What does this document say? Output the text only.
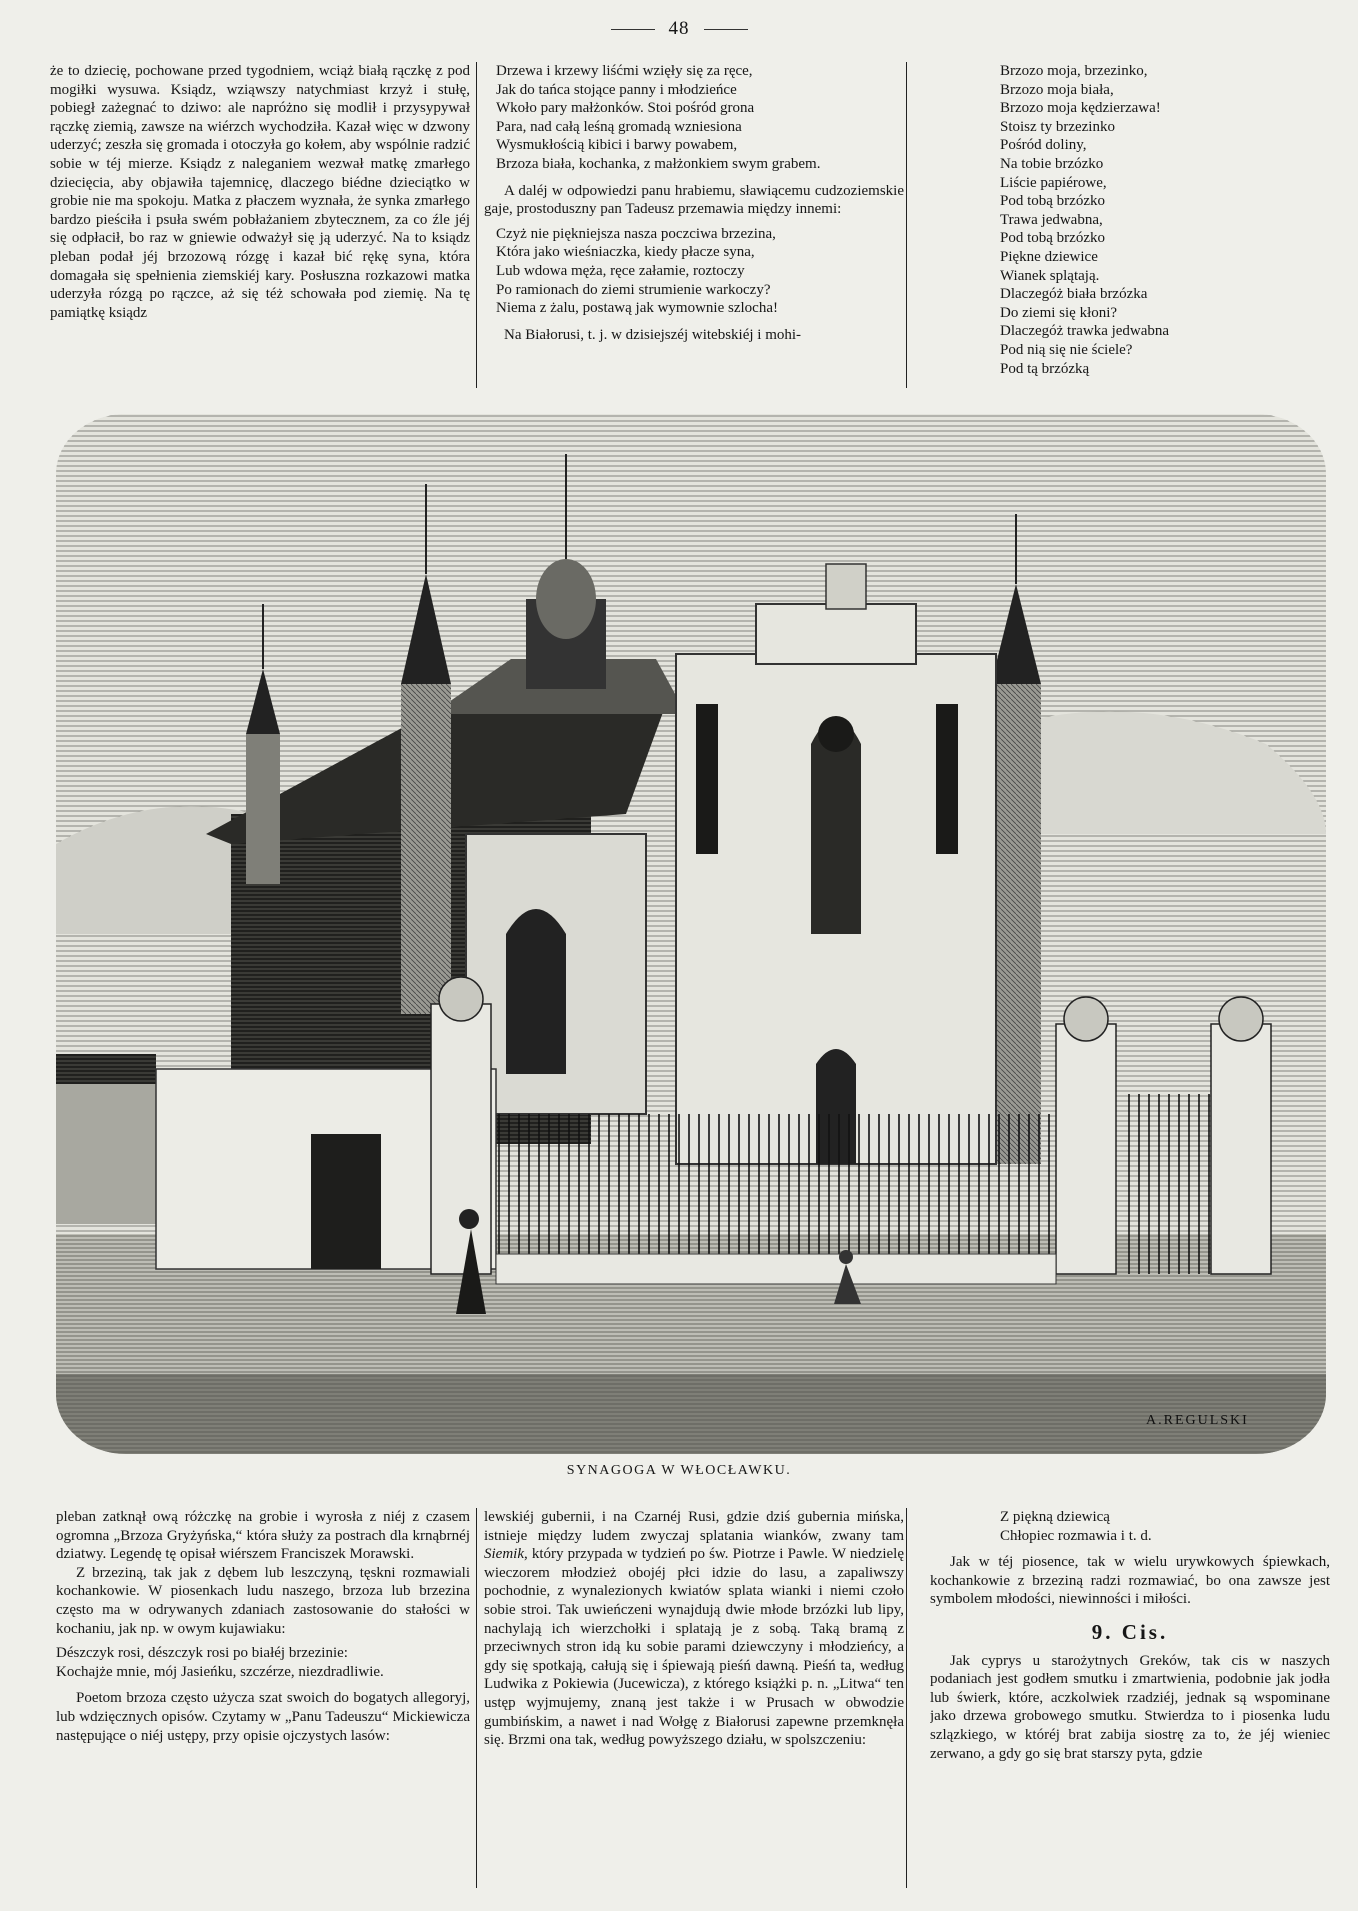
48

że to dziecię, pochowane przed tygodniem, wciąż białą rączkę z pod mogiłki wysuwa. Ksiądz, wziąwszy natychmiast krzyż i stułę, pobiegł zażegnać to dziwo: ale napróżno się modlił i przysypywał rączkę ziemią, zawsze na wiérzch wychodziła. Kazał więc w dzwony uderzyć; zeszła się gromada i otoczyła go kołem, aby wspólnie radzić sobie w téj mierze. Ksiądz z naleganiem wezwał matkę zmarłego dziecięcia, aby objawiła tajemnicę, dlaczego biédne dzieciątko w grobie nie ma spokoju. Matka z płaczem wyznała, że synka zmarłego bardzo pieściła i psuła swém pobłażaniem zbytecznem, za co źle jéj się odpłacił, bo raz w gniewie odważył się ją uderzyć. Na to ksiądz pleban podał jéj brzozową rózgę i kazał bić rękę syna, która domagała się spełnienia ziemskiéj kary. Posłuszna rozkazowi matka uderzyła rózgą po rączce, aż się téż schowała pod ziemię. Na tę pamiątkę ksiądz

Drzewa i krzewy liśćmi wzięły się za ręce,
Jak do tańca stojące panny i młodzieńce
Wkoło pary małżonków. Stoi pośród grona
Para, nad całą leśną gromadą wzniesiona
Wysmukłością kibici i barwy powabem,
Brzoza biała, kochanka, z małżonkiem swym grabem.

A daléj w odpowiedzi panu hrabiemu, sławiącemu cudzoziemskie gaje, prostoduszny pan Tadeusz przemawia między innemi:

Czyż nie piękniejsza nasza poczciwa brzezina,
Która jako wieśniaczka, kiedy płacze syna,
Lub wdowa męża, ręce załamie, roztoczy
Po ramionach do ziemi strumienie warkoczy?
Niema z żalu, postawą jak wymownie szlocha!

Na Białorusi, t. j. w dzisiejszéj witebskiéj i mohi-

Brzozo moja, brzezinko,
Brzozo moja biała,
Brzozo moja kędzierzawa!
Stoisz ty brzezinko
Pośród doliny,
Na tobie brzózko
Liście papiérowe,
Pod tobą brzózko
Trawa jedwabna,
Pod tobą brzózko
Piękne dziewice
Wianek splątają.
Dlaczegóż biała brzózka
Do ziemi się kłoni?
Dlaczegóż trawka jedwabna
Pod nią się nie ściele?
Pod tą brzózką
A.REGULSKI
SYNAGOGA W WŁOCŁAWKU.

pleban zatknął ową różczkę na grobie i wyrosła z niéj z czasem ogromna „Brzoza Gryżyńska,“ która służy za postrach dla krnąbrnéj dziatwy. Legendę tę opisał wiérszem Franciszek Morawski.

Z brzeziną, tak jak z dębem lub leszczyną, tęskni rozmawiali kochankowie. W piosenkach ludu naszego, brzoza lub brzezina często ma w odrywanych zdaniach zastosowanie do stałości w kochaniu, jak np. w owym kujawiaku:

Dészczyk rosi, dészczyk rosi po białéj brzezinie:
Kochajże mnie, mój Jasieńku, szczérze, niezdradliwie.

Poetom brzoza często użycza szat swoich do bogatych allegoryj, lub wdzięcznych opisów. Czytamy w „Panu Tadeuszu“ Mickiewicza następujące o niéj ustępy, przy opisie ojczystych lasów:

lewskiéj gubernii, i na Czarnéj Rusi, gdzie dziś gubernia mińska, istnieje między ludem zwyczaj splatania wianków, zwany tam Siemik, który przypada w tydzień po św. Piotrze i Pawle. W niedzielę wieczorem młodzież obojéj płci idzie do lasu, a zapaliwszy pochodnie, z wynalezionych kwiatów splata wianki i niemi czoło sobie stroi. Tak uwieńczeni wynajdują dwie młode brzózki lub lipy, nachylają ich wierzchołki i splatają je z sobą. Taką bramą z przeciwnych stron idą ku sobie parami dziewczyny i młodzieńcy, a gdy się spotkają, całują się i śpiewają pieśń dawną. Pieśń ta, według Ludwika z Pokiewia (Jucewicza), z którego książki p. n. „Litwa“ ten ustęp wyjmujemy, znaną jest także i w Prusach w obwodzie gumbińskim, a nawet i nad Wołgę z Białorusi zapewne przemknęła się. Brzmi ona tak, według powyższego działu, w spolszczeniu:

Z piękną dziewicą
Chłopiec rozmawia i t. d.

Jak w téj piosence, tak w wielu urywkowych śpiewkach, kochankowie z brzeziną radzi rozmawiać, bo ona zawsze jest symbolem młodości, niewinności i miłości.

9. Cis.

Jak cyprys u starożytnych Greków, tak cis w naszych podaniach jest godłem smutku i zmartwienia, podobnie jak jodła lub świerk, które, aczkolwiek rzadziéj, jednak są wspominane jako drzewa grobowego smutku. Stwierdza to i piosenka ludu szlązkiego, w któréj brat zabija siostrę za to, że jéj wieniec zerwano, a gdy go się brat starszy pyta, gdzie
